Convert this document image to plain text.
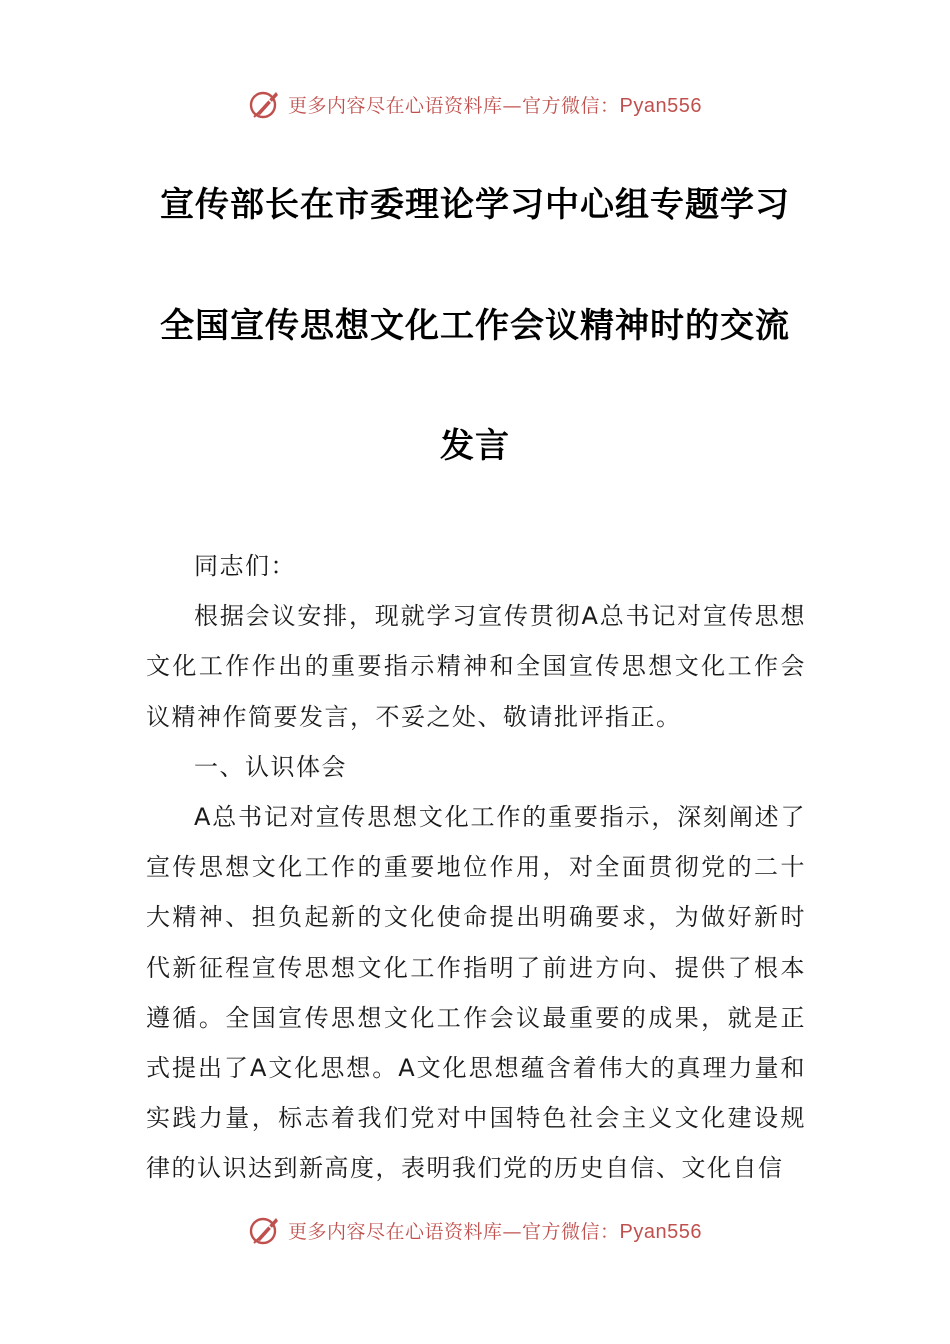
更多内容尽在心语资料库—官方微信：Pyan556
宣传部长在市委理论学习中心组专题学习
全国宣传思想文化工作会议精神时的交流
发言

同志们：

根据会议安排，现就学习宣传贯彻A总书记对宣传思想文化工作作出的重要指示精神和全国宣传思想文化工作会议精神作简要发言，不妥之处、敬请批评指正。

一、认识体会

A总书记对宣传思想文化工作的重要指示，深刻阐述了宣传思想文化工作的重要地位作用，对全面贯彻党的二十大精神、担负起新的文化使命提出明确要求，为做好新时代新征程宣传思想文化工作指明了前进方向、提供了根本遵循。全国宣传思想文化工作会议最重要的成果，就是正式提出了A文化思想。A文化思想蕴含着伟大的真理力量和实践力量，标志着我们党对中国特色社会主义文化建设规律的认识达到新高度，表明我们党的历史自信、文化自信

更多内容尽在心语资料库—官方微信：Pyan556
